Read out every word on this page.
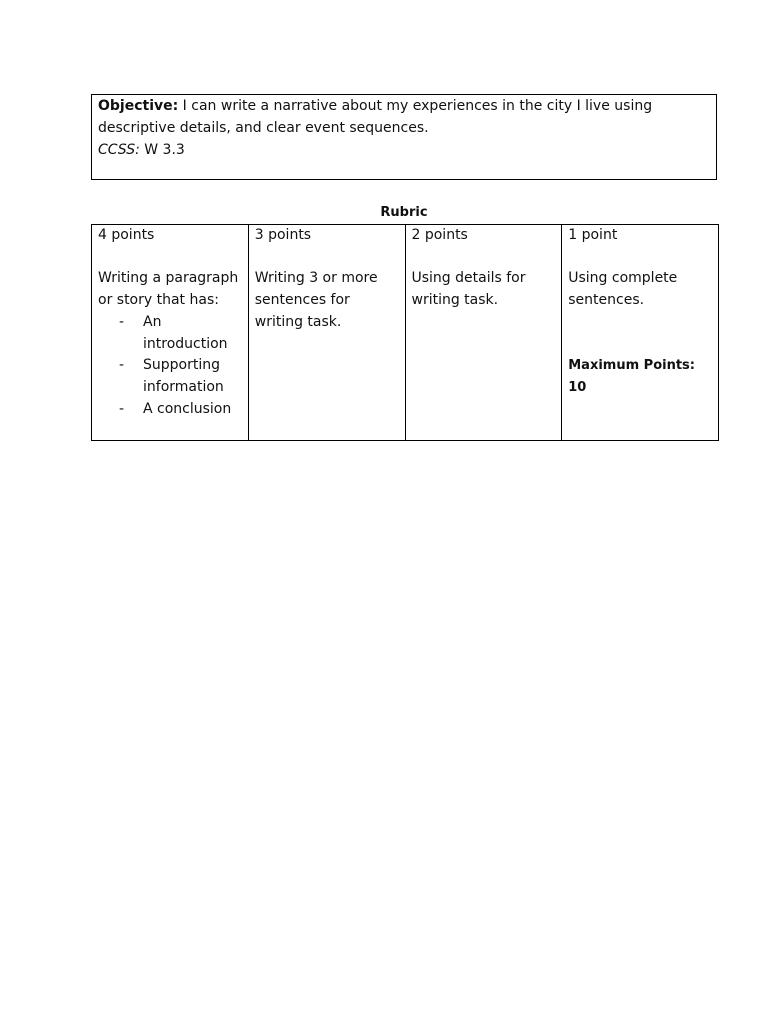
Objective: I can write a narrative about my experiences in the city I live using descriptive details, and clear event sequences.

CCSS: W 3.3

Rubric
4 points
Writing a paragraph or story that has:
- An introduction
- Supporting information
- A conclusion

3 points
Writing 3 or more sentences for writing task.

2 points
Using details for writing task.

1 point
Using complete sentences.
Maximum Points: 10
